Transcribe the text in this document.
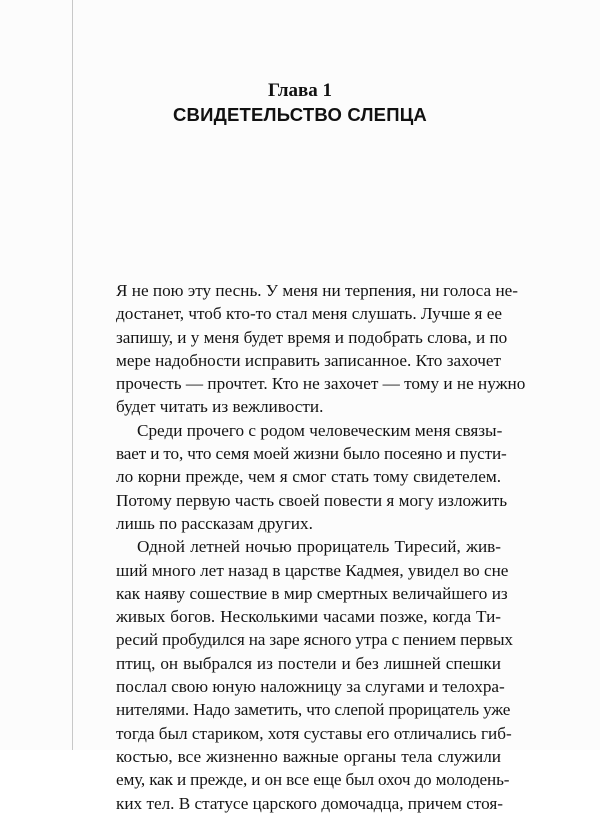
Глава 1
СВИДЕТЕЛЬСТВО СЛЕПЦА
Я не пою эту песнь. У меня ни терпения, ни голоса не-
достанет, чтоб кто-то стал меня слушать. Лучше я ее
запишу, и у меня будет время и подобрать слова, и по
мере надобности исправить записанное. Кто захочет
прочесть — прочтет. Кто не захочет — тому и не нужно
будет читать из вежливости.
Среди прочего с родом человеческим меня связы-
вает и то, что семя моей жизни было посеяно и пусти-
ло корни прежде, чем я смог стать тому свидетелем.
Потому первую часть своей повести я могу изложить
лишь по рассказам других.
Одной летней ночью прорицатель Тиресий, жив-
ший много лет назад в царстве Кадмея, увидел во сне
как наяву сошествие в мир смертных величайшего из
живых богов. Несколькими часами позже, когда Ти-
ресий пробудился на заре ясного утра с пением первых
птиц, он выбрался из постели и без лишней спешки
послал свою юную наложницу за слугами и телохра-
нителями. Надо заметить, что слепой прорицатель уже
тогда был стариком, хотя суставы его отличались гиб-
костью, все жизненно важные органы тела служили
ему, как и прежде, и он все еще был охоч до молодень-
ких тел. В статусе царского домочадца, причем стоя-
